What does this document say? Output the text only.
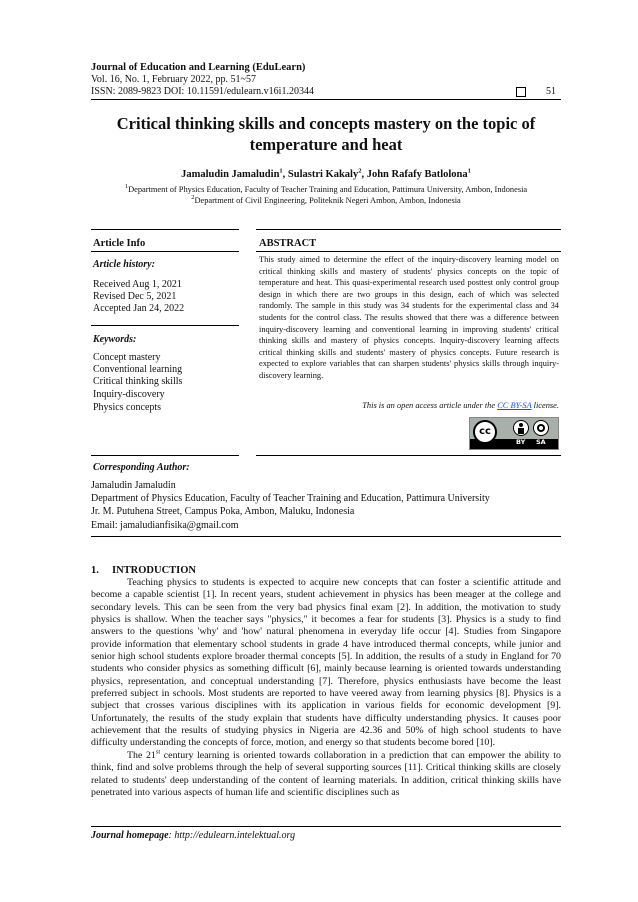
Journal of Education and Learning (EduLearn)
Vol. 16, No. 1, February 2022, pp. 51~57
ISSN: 2089-9823 DOI: 10.11591/edulearn.v16i1.20344	51
Critical thinking skills and concepts mastery on the topic of temperature and heat
Jamaludin Jamaludin$^1$, Sulastri Kakaly$^2$, John Rafafy Batlolona$^1$
$^1$Department of Physics Education, Faculty of Teacher Training and Education, Pattimura University, Ambon, Indonesia
$^2$Department of Civil Engineering, Politeknik Negeri Ambon, Ambon, Indonesia
Article Info	ABSTRACT
Article history:
Received Aug 1, 2021
Revised Dec 5, 2021
Accepted Jan 24, 2022
Keywords:
Concept mastery
Conventional learning
Critical thinking skills
Inquiry-discovery
Physics concepts
This study aimed to determine the effect of the inquiry-discovery learning model on critical thinking skills and mastery of students' physics concepts on the topic of temperature and heat. This quasi-experimental research used posttest only control group design in which there are two groups in this design, each of which was selected randomly. The sample in this study was 34 students for the experimental class and 34 students for the control class. The results showed that there was a difference between inquiry-discovery learning and conventional learning in improving students' critical thinking skills and mastery of physics concepts. Inquiry-discovery learning affects critical thinking skills and students' mastery of physics concepts. Future research is expected to explore variables that can sharpen students' physics skills through inquiry-discovery learning.
This is an open access article under the CC BY-SA license.
cc
BY SA
Corresponding Author:
Jamaludin Jamaludin
Department of Physics Education, Faculty of Teacher Training and Education, Pattimura University
Jr. M. Putuhena Street, Campus Poka, Ambon, Maluku, Indonesia
Email: jamaludianfisika@gmail.com
1. INTRODUCTION

Teaching physics to students is expected to acquire new concepts that can foster a scientific attitude and become a capable scientist [1]. In recent years, student achievement in physics has been meager at the college and secondary levels. This can be seen from the very bad physics final exam [2]. In addition, the motivation to study physics is shallow. When the teacher says "physics," it becomes a fear for students [3]. Physics is a study to find answers to the questions 'why' and 'how' natural phenomena in everyday life occur [4]. Studies from Singapore provide information that elementary school students in grade 4 have introduced thermal concepts, while junior and senior high school students explore broader thermal concepts [5]. In addition, the results of a study in England for 70 students who consider physics as something difficult [6], mainly because learning is oriented towards understanding physics, representation, and conceptual understanding [7]. Therefore, physics enthusiasts have become the least preferred subject in schools. Most students are reported to have veered away from learning physics [8]. Physics is a subject that crosses various disciplines with its application in various fields for economic development [9]. Unfortunately, the results of the study explain that students have difficulty understanding physics. It causes poor achievement that the results of studying physics in Nigeria are 42.36 and 50% of high school students to have difficulty understanding the concepts of force, motion, and energy so that students become bored [10].

The 21st century learning is oriented towards collaboration in a prediction that can empower the ability to think, find and solve problems through the help of several supporting sources [11]. Critical thinking skills are closely related to students' deep understanding of the content of learning materials. In addition, critical thinking skills have penetrated into various aspects of human life and scientific disciplines such as

Journal homepage: http://edulearn.intelektual.org
